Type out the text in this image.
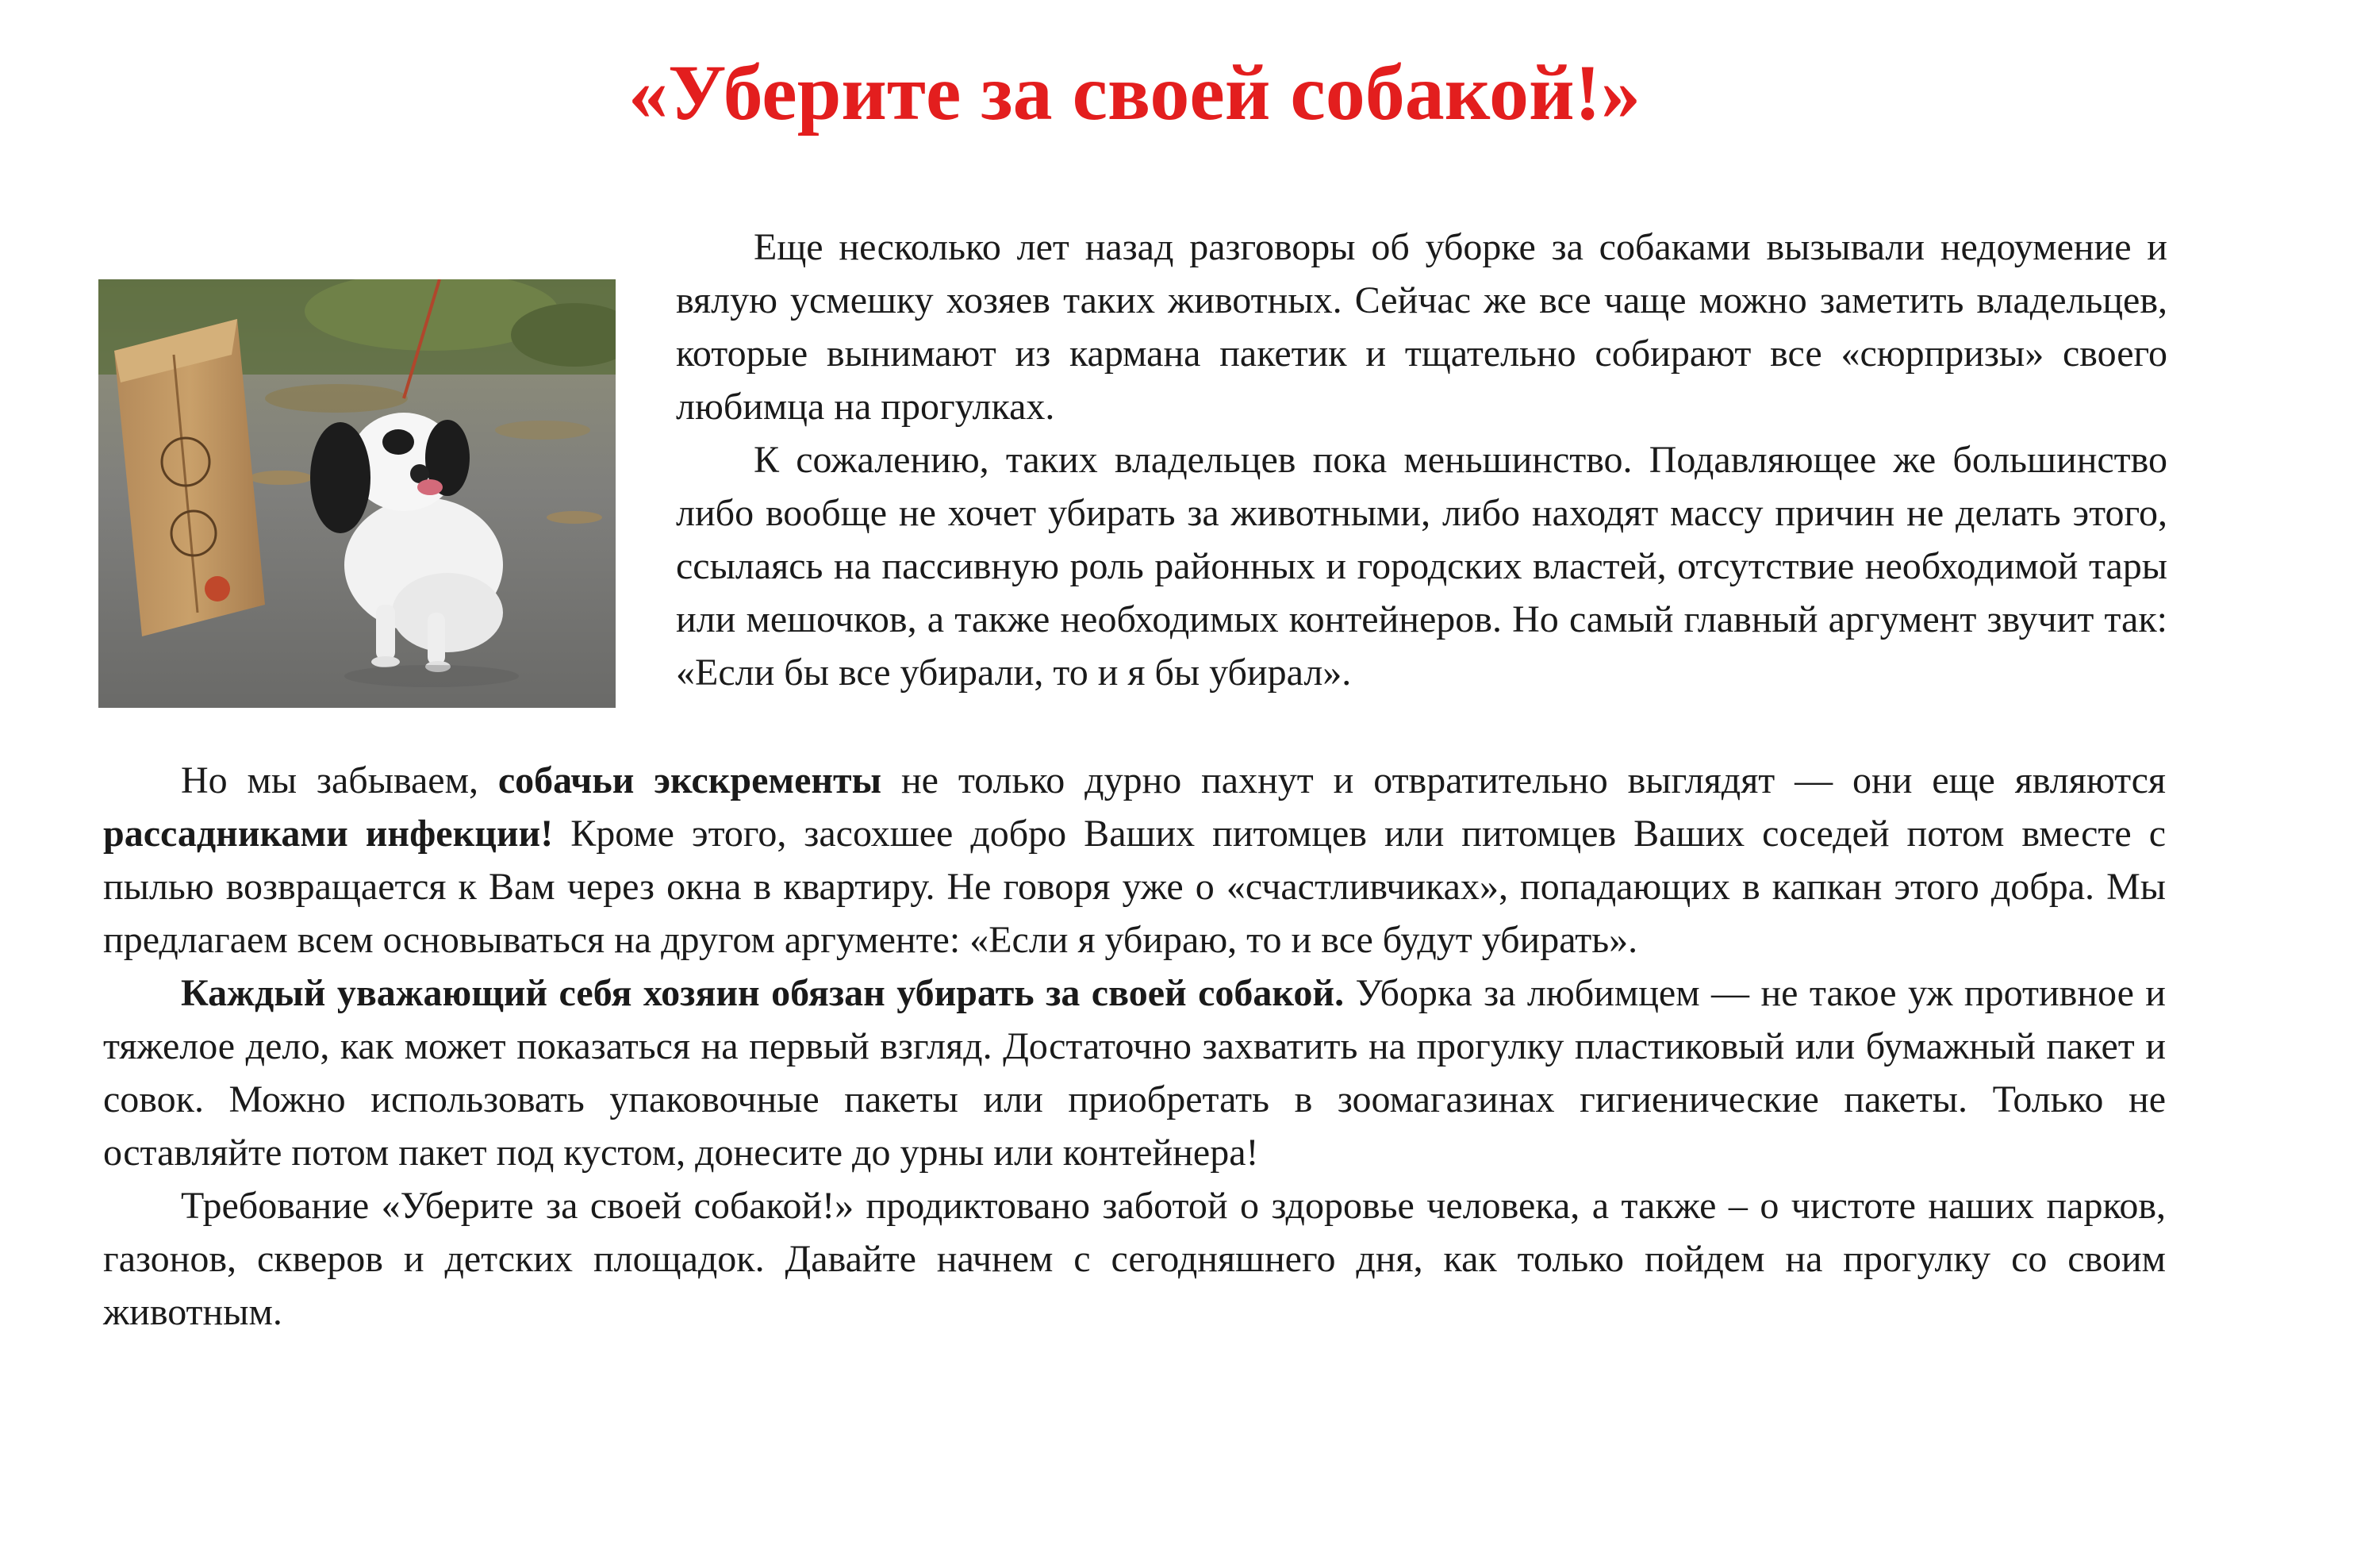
«Уберите за своей собакой!»

Еще несколько лет назад разговоры об уборке за собаками вызывали недоумение и вялую усмешку хозяев таких животных. Сейчас же все чаще можно заметить владельцев, которые вынимают из кармана пакетик и тщательно собирают все «сюрпризы» своего любимца на прогулках.

К сожалению, таких владельцев пока меньшинство. Подавляющее же большинство либо вообще не хочет убирать за животными, либо находят массу причин не делать этого, ссылаясь на пассивную роль районных и городских властей, отсутствие необходимой тары или мешочков, а также необходимых контейнеров. Но самый главный аргумент звучит так: «Если бы все убирали, то и я бы убирал».

Но мы забываем, собачьи экскременты не только дурно пахнут и отвратительно выглядят — они еще являются рассадниками инфекции! Кроме этого, засохшее добро Ваших питомцев или питомцев Ваших соседей потом вместе с пылью возвращается к Вам через окна в квартиру. Не говоря уже о «счастливчиках», попадающих в капкан этого добра. Мы предлагаем всем основываться на другом аргументе: «Если я убираю, то и все будут убирать».

Каждый уважающий себя хозяин обязан убирать за своей собакой. Уборка за любимцем — не такое уж противное и тяжелое дело, как может показаться на первый взгляд. Достаточно захватить на прогулку пластиковый или бумажный пакет и совок. Можно использовать упаковочные пакеты или приобретать в зоомагазинах гигиенические пакеты. Только не оставляйте потом пакет под кустом, донесите до урны или контейнера!

Требование «Уберите за своей собакой!» продиктовано заботой о здоровье человека, а также – о чистоте наших парков, газонов, скверов и детских площадок. Давайте начнем с сегодняшнего дня, как только пойдем на прогулку со своим животным.
